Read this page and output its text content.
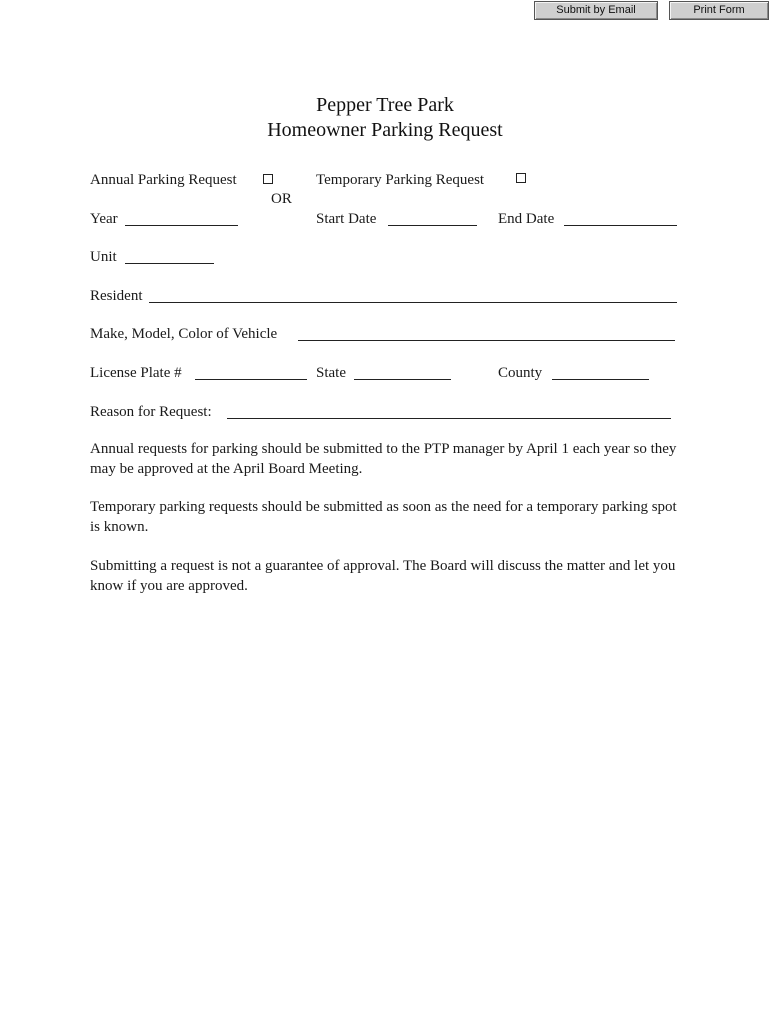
Submit by Email	Print Form
Pepper Tree Park
Homeowner Parking Request
Annual Parking Request	Temporary Parking Request
OR
Year	Start Date	End Date
Unit
Resident
Make, Model, Color of Vehicle
License Plate #	State	County
Reason for Request:

Annual requests for parking should be submitted to the PTP manager by April 1 each year so they may be approved at the April Board Meeting.

Temporary parking requests should be submitted as soon as the need for a temporary parking spot is known.

Submitting a request is not a guarantee of approval. The Board will discuss the matter and let you know if you are approved.
